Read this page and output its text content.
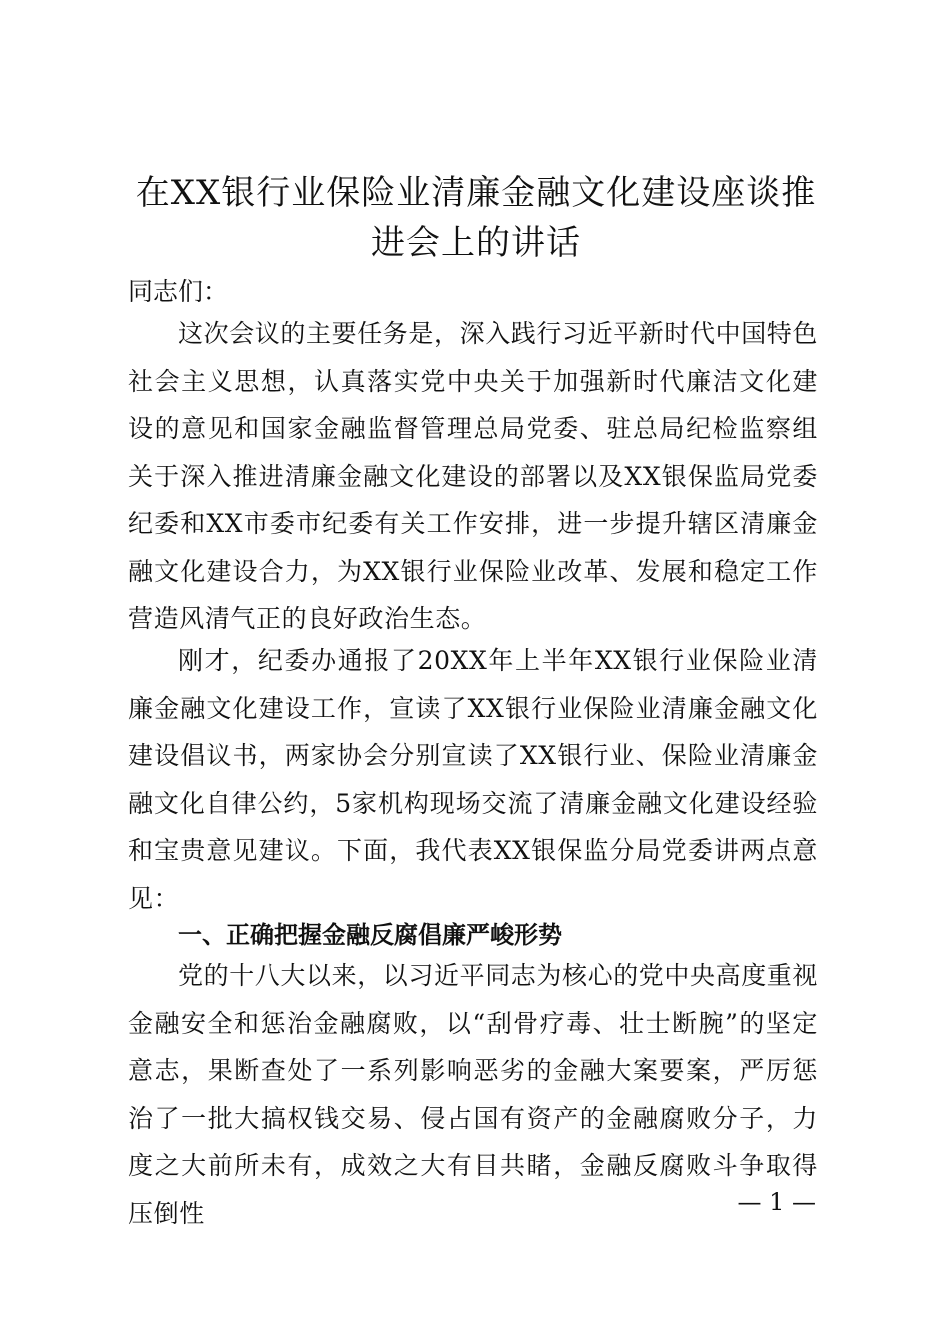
在XX银行业保险业清廉金融文化建设座谈推进会上的讲话

同志们：

这次会议的主要任务是，深入践行习近平新时代中国特色社会主义思想，认真落实党中央关于加强新时代廉洁文化建设的意见和国家金融监督管理总局党委、驻总局纪检监察组关于深入推进清廉金融文化建设的部署以及XX银保监局党委纪委和XX市委市纪委有关工作安排，进一步提升辖区清廉金融文化建设合力，为XX银行业保险业改革、发展和稳定工作营造风清气正的良好政治生态。

刚才，纪委办通报了20XX年上半年XX银行业保险业清廉金融文化建设工作，宣读了XX银行业保险业清廉金融文化建设倡议书，两家协会分别宣读了XX银行业、保险业清廉金融文化自律公约，5家机构现场交流了清廉金融文化建设经验和宝贵意见建议。下面，我代表XX银保监分局党委讲两点意见：

一、正确把握金融反腐倡廉严峻形势

党的十八大以来，以习近平同志为核心的党中央高度重视金融安全和惩治金融腐败，以“刮骨疗毒、壮士断腕”的坚定意志，果断查处了一系列影响恶劣的金融大案要案，严厉惩治了一批大搞权钱交易、侵占国有资产的金融腐败分子，力度之大前所未有，成效之大有目共睹，金融反腐败斗争取得压倒性	— 1 —
